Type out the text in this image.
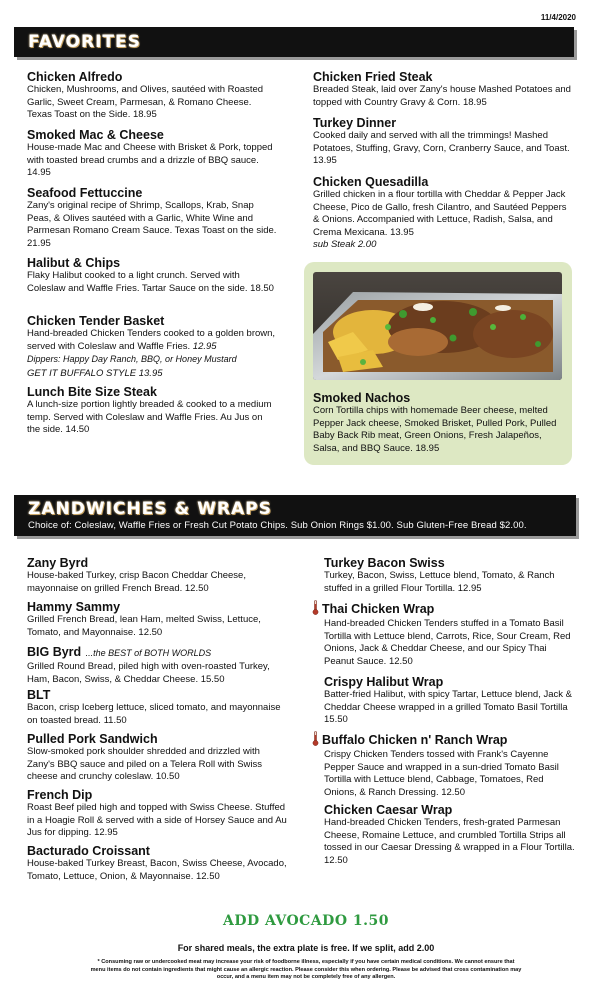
11/4/2020
FAVORITES
Chicken Alfredo
Chicken, Mushrooms, and Olives, sautéed with Roasted Garlic, Sweet Cream, Parmesan, & Romano Cheese. Texas Toast on the Side. 18.95
Smoked Mac & Cheese
House-made Mac and Cheese with Brisket & Pork, topped with toasted bread crumbs and a drizzle of BBQ sauce. 14.95
Seafood Fettuccine
Zany's original recipe of Shrimp, Scallops, Krab, Snap Peas, & Olives sautéed with a Garlic, White Wine and Parmesan Romano Cream Sauce. Texas Toast on the side. 21.95
Halibut & Chips
Flaky Halibut cooked to a light crunch. Served with Coleslaw and Waffle Fries. Tartar Sauce on the side. 18.50
Chicken Tender Basket
Hand-breaded Chicken Tenders cooked to a golden brown, served with Coleslaw and Waffle Fries. 12.95
Dippers: Happy Day Ranch, BBQ, or Honey Mustard
GET IT BUFFALO STYLE 13.95
Lunch Bite Size Steak
A lunch-size portion lightly breaded & cooked to a medium temp. Served with Coleslaw and Waffle Fries. Au Jus on the side. 14.50
Chicken Fried Steak
Breaded Steak, laid over Zany's house Mashed Potatoes and topped with Country Gravy & Corn. 18.95
Turkey Dinner
Cooked daily and served with all the trimmings! Mashed Potatoes, Stuffing, Gravy, Corn, Cranberry Sauce, and Toast. 13.95
Chicken Quesadilla
Grilled chicken in a flour tortilla with Cheddar & Pepper Jack Cheese, Pico de Gallo, fresh Cilantro, and Sautéed Peppers & Onions. Accompanied with Lettuce, Radish, Salsa, and Crema Mexicana. 13.95
sub Steak 2.00
Smoked Nachos
Corn Tortilla chips with homemade Beer cheese, melted Pepper Jack cheese, Smoked Brisket, Pulled Pork, Pulled Baby Back Rib meat, Green Onions, Fresh Jalapeños, Salsa, and BBQ Sauce. 18.95
ZANDWICHES & WRAPS
Choice of: Coleslaw, Waffle Fries or Fresh Cut Potato Chips. Sub Onion Rings $1.00. Sub Gluten-Free Bread $2.00.
Zany Byrd
House-baked Turkey, crisp Bacon Cheddar Cheese, mayonnaise on grilled French Bread. 12.50
Hammy Sammy
Grilled French Bread, lean Ham, melted Swiss, Lettuce, Tomato, and Mayonnaise. 12.50
BIG Byrd ...the BEST of BOTH WORLDS
Grilled Round Bread, piled high with oven-roasted Turkey, Ham, Bacon, Swiss, & Cheddar Cheese. 15.50
BLT
Bacon, crisp Iceberg lettuce, sliced tomato, and mayonnaise on toasted bread. 11.50
Pulled Pork Sandwich
Slow-smoked pork shoulder shredded and drizzled with Zany's BBQ sauce and piled on a Telera Roll with Swiss cheese and crunchy coleslaw. 10.50
French Dip
Roast Beef piled high and topped with Swiss Cheese. Stuffed in a Hoagie Roll & served with a side of Horsey Sauce and Au Jus for dipping. 12.95
Bacturado Croissant
House-baked Turkey Breast, Bacon, Swiss Cheese, Avocado, Tomato, Lettuce, Onion, & Mayonnaise. 12.50
Turkey Bacon Swiss
Turkey, Bacon, Swiss, Lettuce blend, Tomato, & Ranch stuffed in a grilled Flour Tortilla. 12.95
Thai Chicken Wrap
Hand-breaded Chicken Tenders stuffed in a Tomato Basil Tortilla with Lettuce blend, Carrots, Rice, Sour Cream, Red Onions, Jack & Cheddar Cheese, and our Spicy Thai Peanut Sauce. 12.50
Crispy Halibut Wrap
Batter-fried Halibut, with spicy Tartar, Lettuce blend, Jack & Cheddar Cheese wrapped in a grilled Tomato Basil Tortilla 15.50
Buffalo Chicken n' Ranch Wrap
Crispy Chicken Tenders tossed with Frank's Cayenne Pepper Sauce and wrapped in a sun-dried Tomato Basil Tortilla with Lettuce blend, Cabbage, Tomatoes, Red Onions, & Ranch Dressing. 12.50
Chicken Caesar Wrap
Hand-breaded Chicken Tenders, fresh-grated Parmesan Cheese, Romaine Lettuce, and crumbled Tortilla Strips all tossed in our Caesar Dressing & wrapped in a Flour Tortilla. 12.50
ADD AVOCADO 1.50
For shared meals, the extra plate is free. If we split, add 2.00
* Consuming raw or undercooked meat may increase your risk of foodborne illness, especially if you have certain medical conditions. We cannot ensure that menu items do not contain ingredients that might cause an allergic reaction. Please consider this when ordering. Please be advised that cross contamination may occur, and a menu item may not be completely free of any allergen.
